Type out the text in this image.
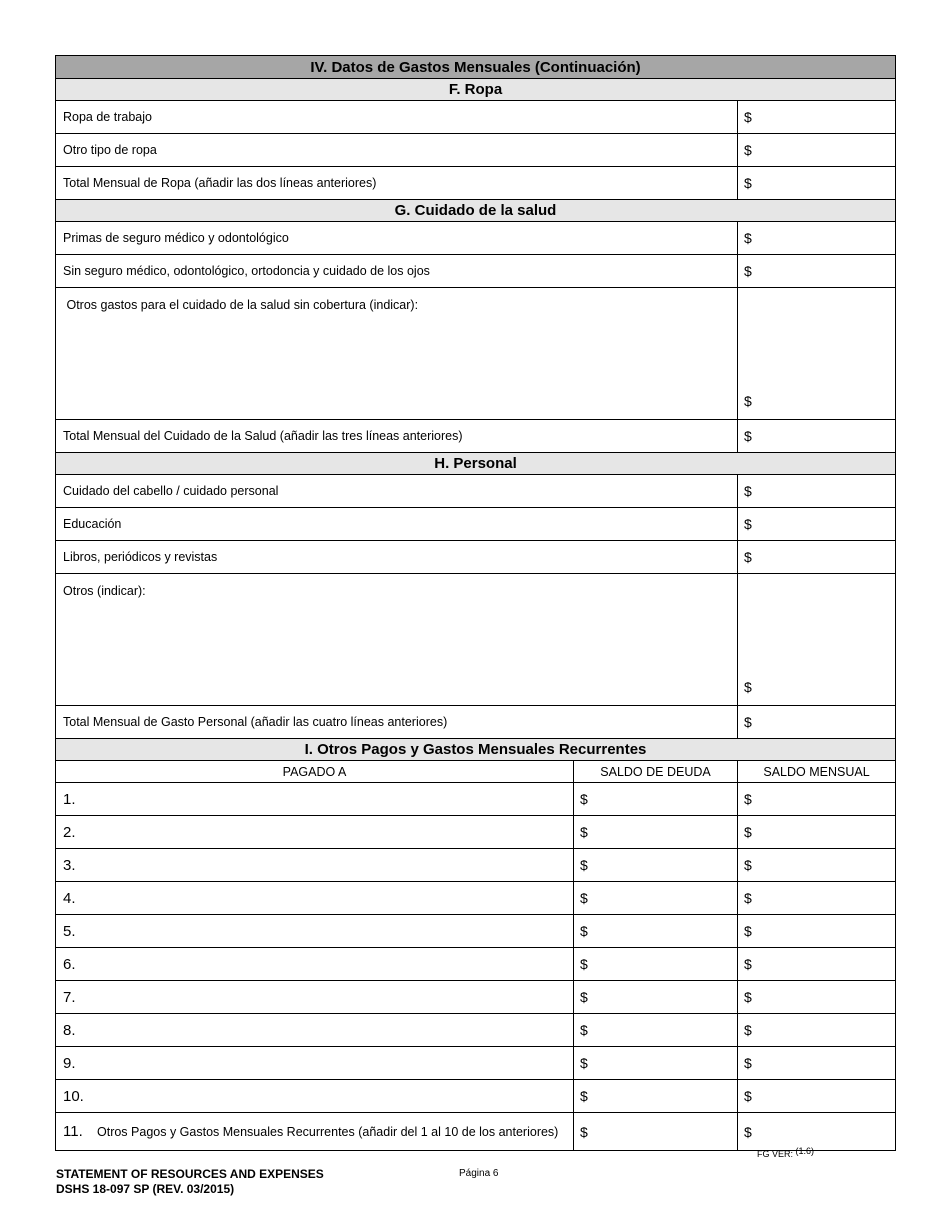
IV. Datos de Gastos Mensuales (Continuación)		
F. Ropa		
Ropa de trabajo		$
Otro tipo de ropa		$
Total Mensual de Ropa (añadir las dos líneas anteriores)		$
G. Cuidado de la salud		
Primas de seguro médico y odontológico		$
Sin seguro médico, odontológico, ortodoncia y cuidado de los ojos		$
Otros gastos para el cuidado de la salud sin cobertura (indicar):		$
Total Mensual del Cuidado de la Salud (añadir las tres líneas anteriores)		$
H. Personal		
Cuidado del cabello / cuidado personal		$
Educación		$
Libros, periódicos y revistas		$
Otros (indicar):		$
Total Mensual de Gasto Personal (añadir las cuatro líneas anteriores)		$
I. Otros Pagos y Gastos Mensuales Recurrentes		
PAGADO A	SALDO DE DEUDA	SALDO MENSUAL
1.	$	$
2.	$	$
3.	$	$
4.	$	$
5.	$	$
6.	$	$
7.	$	$
8.	$	$
9.	$	$
10.	$	$
11. Otros Pagos y Gastos Mensuales Recurrentes (añadir del 1 al 10 de los anteriores)	$	$
FG VER: $^{(1.6)}$
STATEMENT OF RESOURCES AND EXPENSES
DSHS 18-097 SP (REV. 03/2015)
Página 6
